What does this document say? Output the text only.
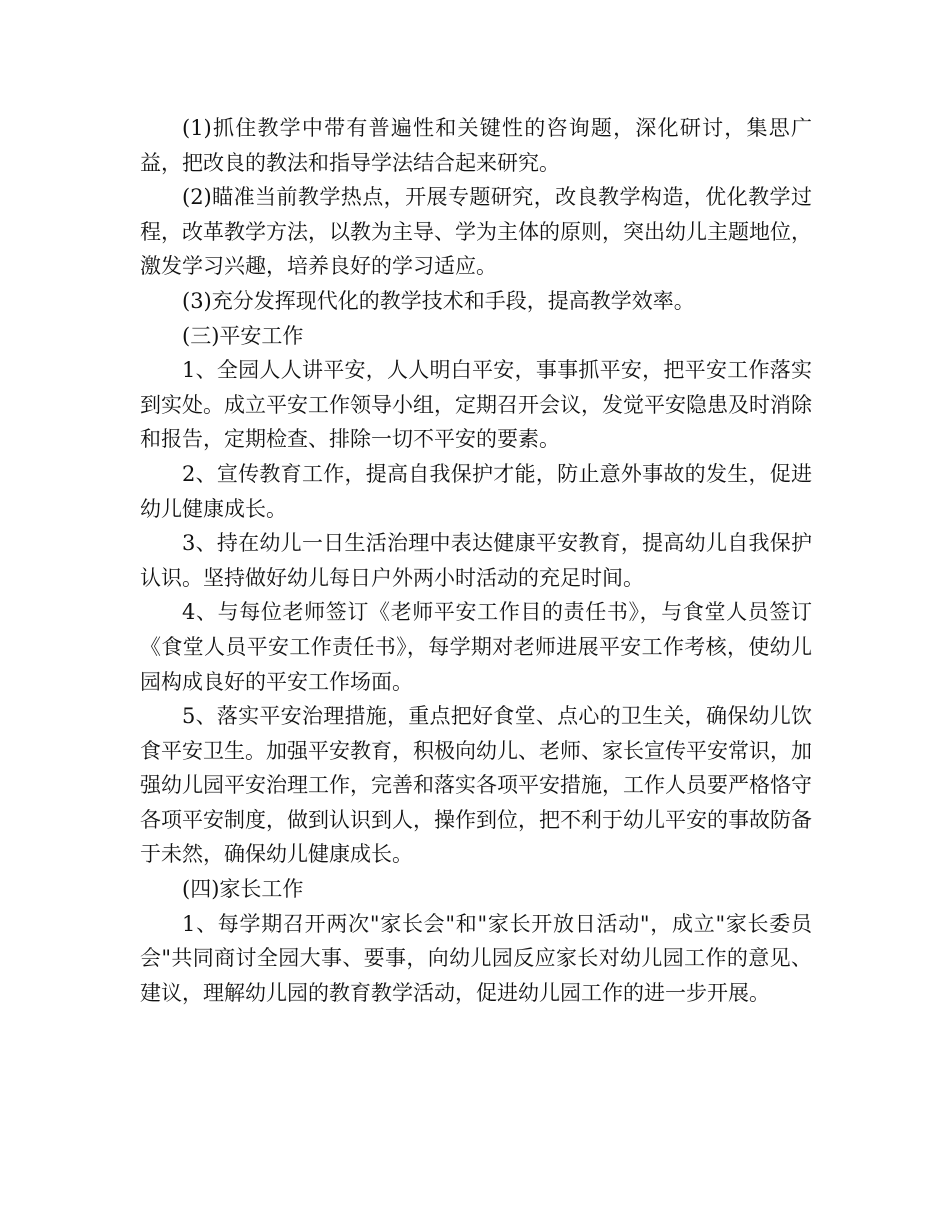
(1)抓住教学中带有普遍性和关键性的咨询题，深化研讨，集思广益，把改良的教法和指导学法结合起来研究。

(2)瞄准当前教学热点，开展专题研究，改良教学构造，优化教学过程，改革教学方法，以教为主导、学为主体的原则，突出幼儿主题地位，激发学习兴趣，培养良好的学习适应。

(3)充分发挥现代化的教学技术和手段，提高教学效率。

(三)平安工作

1、全园人人讲平安，人人明白平安，事事抓平安，把平安工作落实到实处。成立平安工作领导小组，定期召开会议，发觉平安隐患及时消除和报告，定期检查、排除一切不平安的要素。

2、宣传教育工作，提高自我保护才能，防止意外事故的发生，促进幼儿健康成长。

3、持在幼儿一日生活治理中表达健康平安教育，提高幼儿自我保护认识。坚持做好幼儿每日户外两小时活动的充足时间。

4、与每位老师签订《老师平安工作目的责任书》，与食堂人员签订《食堂人员平安工作责任书》，每学期对老师进展平安工作考核，使幼儿园构成良好的平安工作场面。

5、落实平安治理措施，重点把好食堂、点心的卫生关，确保幼儿饮食平安卫生。加强平安教育，积极向幼儿、老师、家长宣传平安常识，加强幼儿园平安治理工作，完善和落实各项平安措施，工作人员要严格恪守各项平安制度，做到认识到人，操作到位，把不利于幼儿平安的事故防备于未然，确保幼儿健康成长。

(四)家长工作

1、每学期召开两次"家长会"和"家长开放日活动"，成立"家长委员会"共同商讨全园大事、要事，向幼儿园反应家长对幼儿园工作的意见、建议，理解幼儿园的教育教学活动，促进幼儿园工作的进一步开展。
